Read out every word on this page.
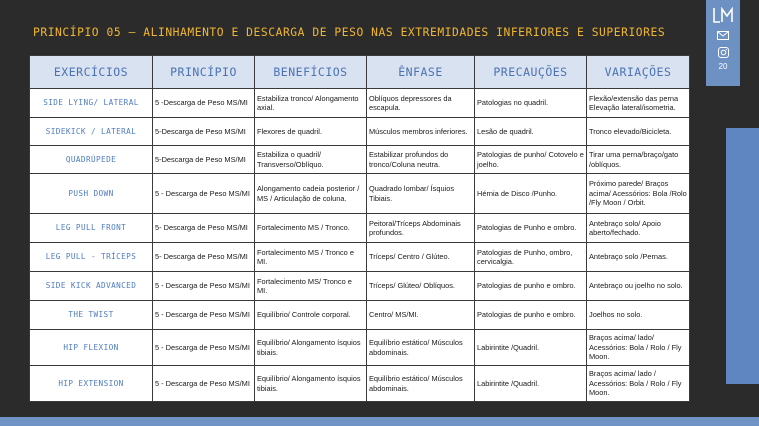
PRINCÍPIO 05 – ALINHAMENTO E DESCARGA DE PESO NAS EXTREMIDADES INFERIORES E SUPERIORES
20
EXERCÍCIOS	PRINCÍPIO	BENEFÍCIOS	ÊNFASE	PRECAUÇÕES	VARIAÇÕES
SIDE LYING/ LATERAL	5 -Descarga de Peso MS/MI	Estabiliza tronco/ Alongamento axial.	Oblíquos depressores da escapula.	Patologias no quadril.	Flexão/extensão das perna Elevação lateral/isometria.
SIDEKICK / LATERAL	5-Descarga de Peso MS/MI	Flexores de quadril.	Músculos membros inferiores.	Lesão de quadril.	Tronco elevado/Bicicleta.
QUADRÚPEDE	5-Descarga de Peso MS/MI	Estabiliza o quadril/ Transverso/Oblíquo.	Estabilizar profundos do tronco/Coluna neutra.	Patologias de punho/ Cotovelo e joelho.	Tirar uma perna/braço/gato /oblíquos.
PUSH DOWN	5 - Descarga de Peso MS/MI	Alongamento cadeia posterior / MS / Articulação de coluna.	Quadrado lombar/ Ísquios Tibiais.	Hérnia de Disco /Punho.	Próximo parede/ Braços acima/ Acessórios: Bola /Rolo /Fly Moon / Orbit.
LEG PULL FRONT	5- Descarga de Peso MS/MI	Fortalecimento MS / Tronco.	Peitoral/Tríceps Abdominais profundos.	Patologias de Punho e ombro.	Antebraço solo/ Apoio aberto/fechado.
LEG PULL - TRÍCEPS	5- Descarga de Peso MS/MI	Fortalecimento MS / Tronco e MI.	Tríceps/ Centro / Glúteo.	Patologias de Punho, ombro, cervicalgia.	Antebraço solo /Pernas.
SIDE KICK ADVANCED	5 - Descarga de Peso MS/MI	Fortalecimento MS/ Tronco e MI.	Tríceps/ Glúteo/ Oblíquos.	Patologias de punho e ombro.	Antebraço ou joelho no solo.
THE TWIST	5 - Descarga de Peso MS/MI	Equilíbrio/ Controle corporal.	Centro/ MS/MI.	Patologias de punho e ombro.	Joelhos no solo.
HIP FLEXION	5 - Descarga de Peso MS/MI	Equilíbrio/ Alongamento ísquios tibiais.	Equilíbrio estático/ Músculos abdominais.	Labirintite /Quadril.	Braços acima/ lado/ Acessórios: Bola / Rolo / Fly Moon.
HIP EXTENSION	5 - Descarga de Peso MS/MI	Equilíbrio/ Alongamento ísquios tibiais.	Equilíbrio estático/ Músculos abdominais.	Labirintite /Quadril.	Braços acima/ lado / Acessórios: Bola / Rolo / Fly Moon.
